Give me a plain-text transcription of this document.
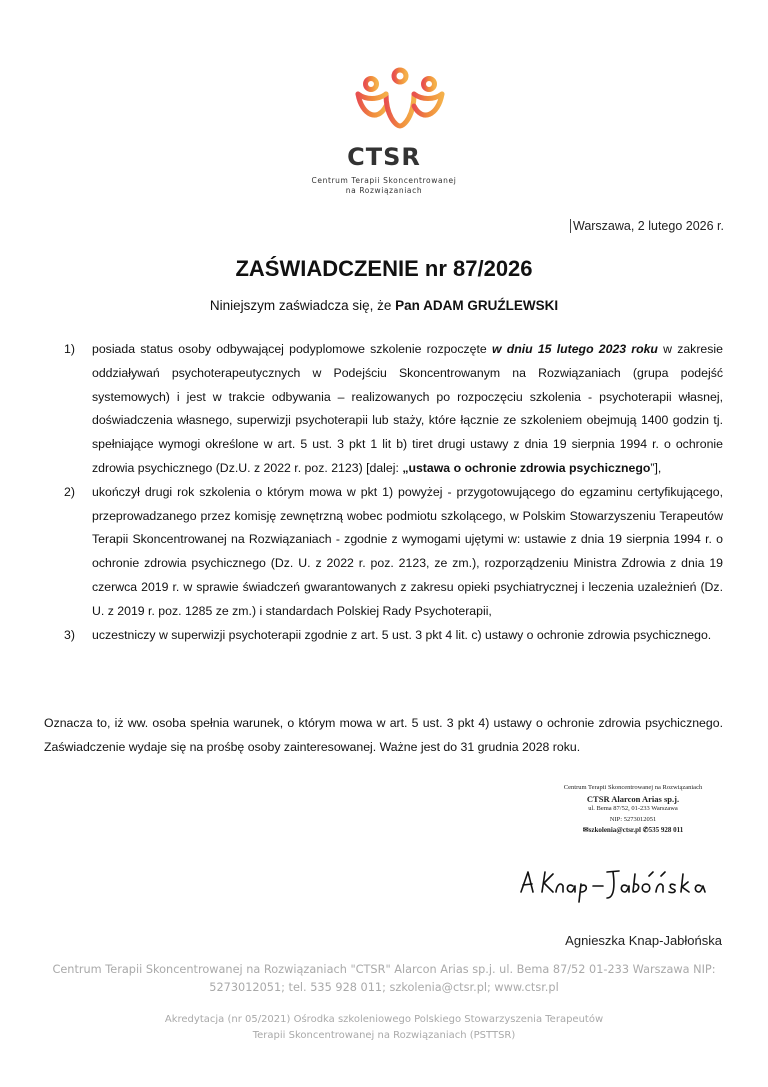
CTSR
Centrum Terapii Skoncentrowanej
na Rozwiązaniach
Warszawa, 2 lutego 2026 r.
ZAŚWIADCZENIE nr 87/2026
Niniejszym zaświadcza się, że Pan ADAM GRUŹLEWSKI
1) posiada status osoby odbywającej podyplomowe szkolenie rozpoczęte w dniu 15 lutego 2023 roku w zakresie oddziaływań psychoterapeutycznych w Podejściu Skoncentrowanym na Rozwiązaniach (grupa podejść systemowych) i jest w trakcie odbywania – realizowanych po rozpoczęciu szkolenia - psychoterapii własnej, doświadczenia własnego, superwizji psychoterapii lub staży, które łącznie ze szkoleniem obejmują 1400 godzin tj. spełniające wymogi określone w art. 5 ust. 3 pkt 1 lit b) tiret drugi ustawy z dnia 19 sierpnia 1994 r. o ochronie zdrowia psychicznego (Dz.U. z 2022 r. poz. 2123) [dalej: „ustawa o ochronie zdrowia psychicznego”],
2) ukończył drugi rok szkolenia o którym mowa w pkt 1) powyżej - przygotowującego do egzaminu certyfikującego, przeprowadzanego przez komisję zewnętrzną wobec podmiotu szkolącego, w Polskim Stowarzyszeniu Terapeutów Terapii Skoncentrowanej na Rozwiązaniach - zgodnie z wymogami ujętymi w: ustawie z dnia 19 sierpnia 1994 r. o ochronie zdrowia psychicznego (Dz. U. z 2022 r. poz. 2123, ze zm.), rozporządzeniu Ministra Zdrowia z dnia 19 czerwca 2019 r. w sprawie świadczeń gwarantowanych z zakresu opieki psychiatrycznej i leczenia uzależnień (Dz. U. z 2019 r. poz. 1285 ze zm.) i standardach Polskiej Rady Psychoterapii,
3) uczestniczy w superwizji psychoterapii zgodnie z art. 5 ust. 3 pkt 4 lit. c) ustawy o ochronie zdrowia psychicznego.
Oznacza to, iż ww. osoba spełnia warunek, o którym mowa w art. 5 ust. 3 pkt 4) ustawy o ochronie zdrowia psychicznego. Zaświadczenie wydaje się na prośbę osoby zainteresowanej. Ważne jest do 31 grudnia 2028 roku.
Centrum Terapii Skoncentrowanej na Rozwiązaniach
CTSR Alarcon Arias sp.j.
ul. Bema 87/52, 01-233 Warszawa
NIP: 5273012051
✉szkolenia@ctsr.pl ✆535 928 011
Agnieszka Knap-Jabłońska
Centrum Terapii Skoncentrowanej na Rozwiązaniach "CTSR" Alarcon Arias sp.j. ul. Bema 87/52 01-233 Warszawa NIP:
5273012051; tel. 535 928 011; szkolenia@ctsr.pl; www.ctsr.pl
Akredytacja (nr 05/2021) Ośrodka szkoleniowego Polskiego Stowarzyszenia Terapeutów
Terapii Skoncentrowanej na Rozwiązaniach (PSTTSR)
